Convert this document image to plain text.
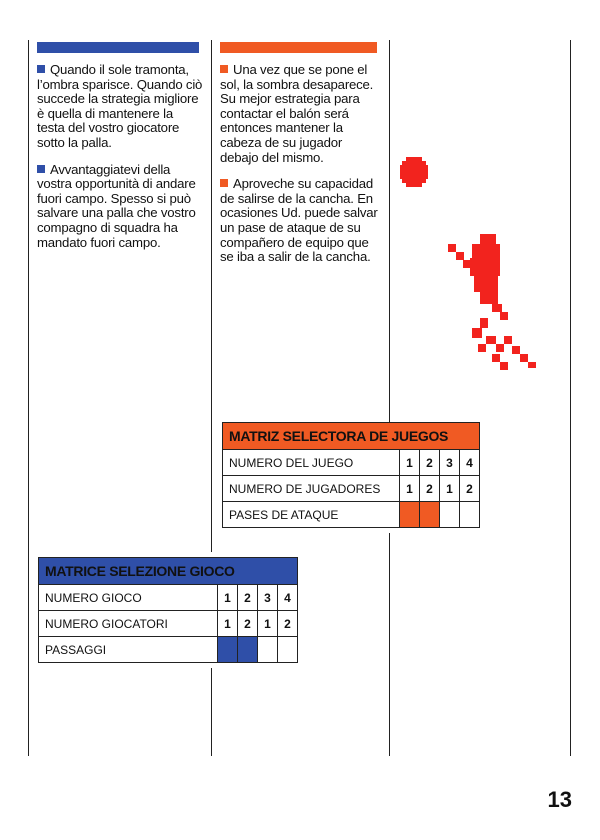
Quando il sole tramonta, l’ombra sparisce. Quando ciò succede la strategia migliore è quella di mantenere la testa del vostro giocatore sotto la palla.

Avvantaggiatevi della vostra opportunità di andare fuori campo. Spesso si può salvare una palla che vostro compagno di squadra ha mandato fuori campo.

Una vez que se pone el sol, la sombra desaparece. Su mejor estrategia para contactar el balón será entonces mantener la cabeza de su jugador debajo del mismo.

Aproveche su capacidad de salirse de la cancha. En ocasiones Ud. puede salvar un pase de ataque de su compañero de equipo que se iba a salir de la cancha.

MATRIZ SELECTORA DE JUEGOS				
NUMERO DEL JUEGO	1	2	3	4
NUMERO DE JUGADORES	1	2	1	2
PASES DE ATAQUE				
MATRICE SELEZIONE GIOCO				
NUMERO GIOCO	1	2	3	4
NUMERO GIOCATORI	1	2	1	2
PASSAGGI				
13
